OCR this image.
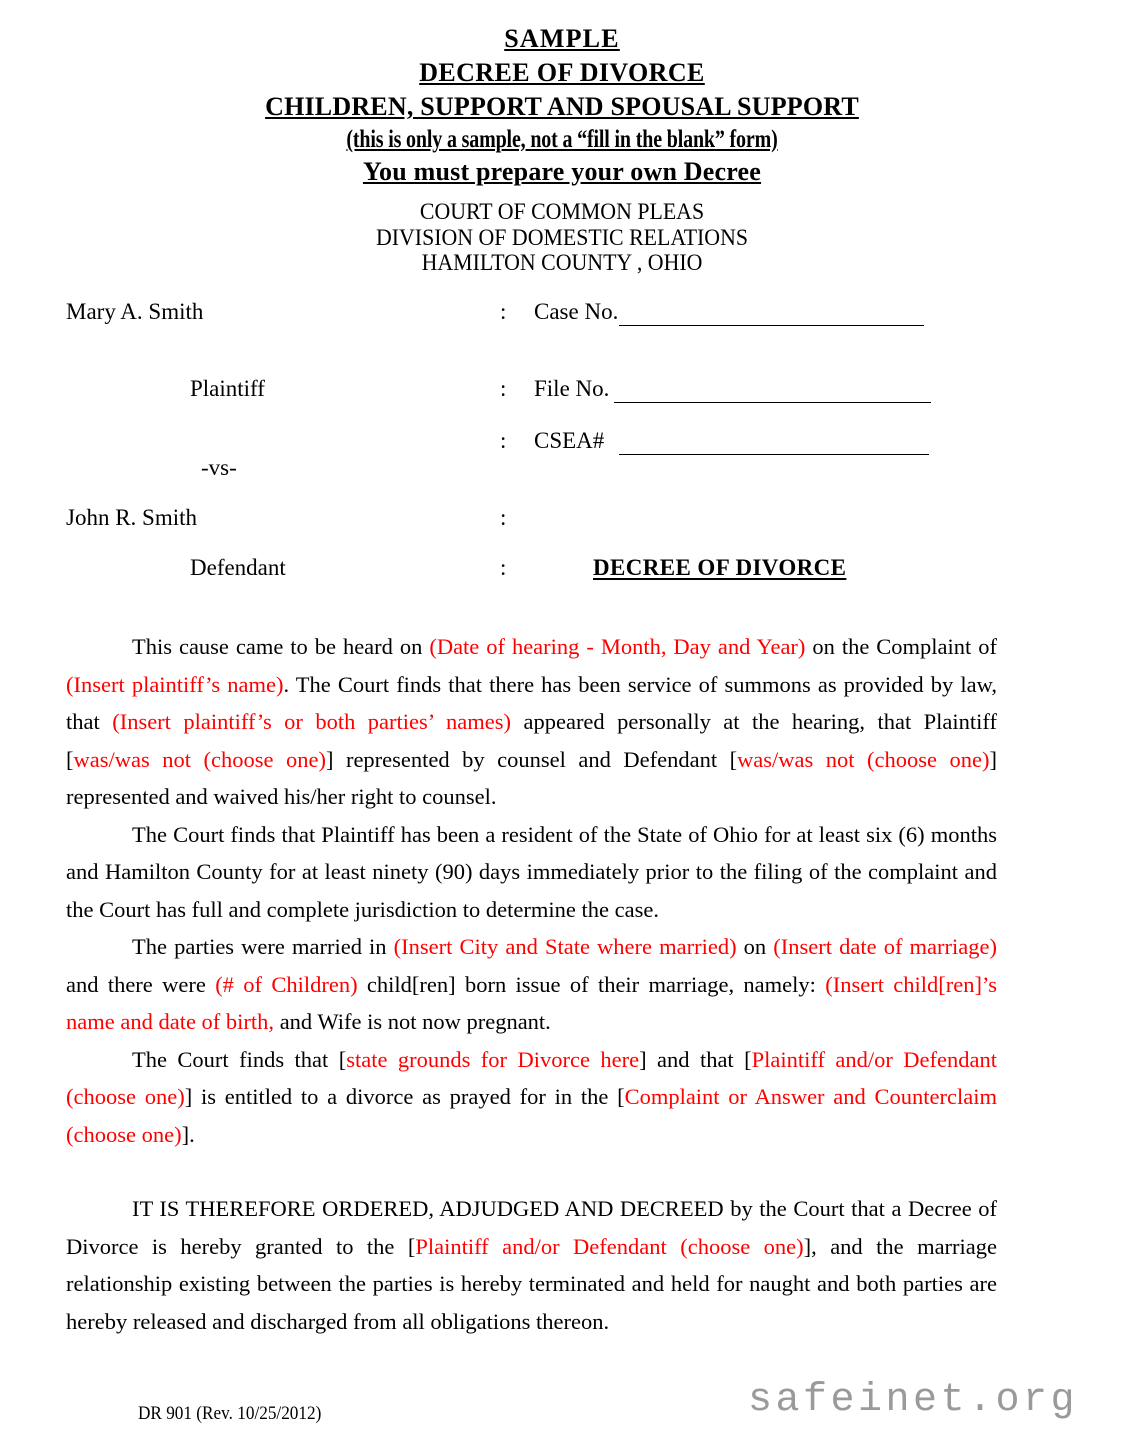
SAMPLE
DECREE OF DIVORCE
CHILDREN, SUPPORT AND SPOUSAL SUPPORT
(this is only a sample, not a “fill in the blank” form)
You must prepare your own Decree
COURT OF COMMON PLEAS
DIVISION OF DOMESTIC RELATIONS
HAMILTON COUNTY , OHIO
Mary A. Smith	: Case No.
Plaintiff	: File No.
: CSEA#
-vs-
John R. Smith	:
Defendant	:	DECREE OF DIVORCE

This cause came to be heard on (Date of hearing - Month, Day and Year) on the Complaint of (Insert plaintiff’s name). The Court finds that there has been service of summons as provided by law, that (Insert plaintiff’s or both parties’ names) appeared personally at the hearing, that Plaintiff [was/was not (choose one)] represented by counsel and Defendant [was/was not (choose one)] represented and waived his/her right to counsel.

The Court finds that Plaintiff has been a resident of the State of Ohio for at least six (6) months and Hamilton County for at least ninety (90) days immediately prior to the filing of the complaint and the Court has full and complete jurisdiction to determine the case.

The parties were married in (Insert City and State where married) on (Insert date of marriage) and there were (# of Children) child[ren] born issue of their marriage, namely: (Insert child[ren]’s name and date of birth, and Wife is not now pregnant.

The Court finds that [state grounds for Divorce here] and that [Plaintiff and/or Defendant (choose one)] is entitled to a divorce as prayed for in the [Complaint or Answer and Counterclaim (choose one)].

IT IS THEREFORE ORDERED, ADJUDGED AND DECREED by the Court that a Decree of Divorce is hereby granted to the [Plaintiff and/or Defendant (choose one)], and the marriage relationship existing between the parties is hereby terminated and held for naught and both parties are hereby released and discharged from all obligations thereon.

DR 901 (Rev. 10/25/2012)	safeinet.org
